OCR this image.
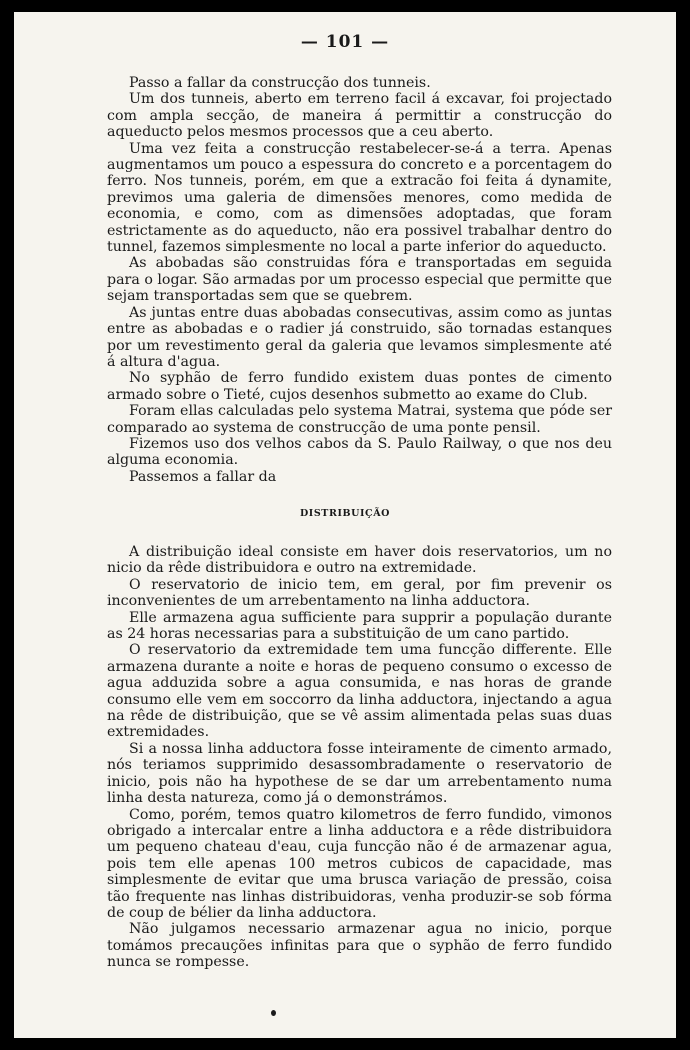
— 101 —

Passo a fallar da construcção dos tunneis.

Um dos tunneis, aberto em terreno facil á excavar, foi projectado com ampla secção, de maneira á permittir a construcção do aqueducto pelos mesmos processos que a ceu aberto.

Uma vez feita a construcção restabelecer-se-á a terra. Apenas augmentamos um pouco a espessura do concreto e a porcentagem do ferro. Nos tunneis, porém, em que a extracão foi feita á dynamite, previmos uma galeria de dimensões menores, como medida de economia, e como, com as dimensões adoptadas, que foram estrictamente as do aqueducto, não era possivel trabalhar dentro do tunnel, fazemos simplesmente no local a parte inferior do aqueducto.

As abobadas são construidas fóra e transportadas em seguida para o logar. São armadas por um processo especial que permitte que sejam transportadas sem que se quebrem.

As juntas entre duas abobadas consecutivas, assim como as juntas entre as abobadas e o radier já construido, são tornadas estanques por um revestimento geral da galeria que levamos simplesmente até á altura d'agua.

No syphão de ferro fundido existem duas pontes de cimento armado sobre o Tieté, cujos desenhos submetto ao exame do Club.

Foram ellas calculadas pelo systema Matrai, systema que póde ser comparado ao systema de construcção de uma ponte pensil.

Fizemos uso dos velhos cabos da S. Paulo Railway, o que nos deu alguma economia.

Passemos a fallar da

DISTRIBUIÇÃO

A distribuição ideal consiste em haver dois reservatorios, um no nicio da rêde distribuidora e outro na extremidade.

O reservatorio de inicio tem, em geral, por fim prevenir os inconvenientes de um arrebentamento na linha adductora.

Elle armazena agua sufficiente para supprir a população durante as 24 horas necessarias para a substituição de um cano partido.

O reservatorio da extremidade tem uma funcção differente. Elle armazena durante a noite e horas de pequeno consumo o excesso de agua adduzida sobre a agua consumida, e nas horas de grande consumo elle vem em soccorro da linha adductora, injectando a agua na rêde de distribuição, que se vê assim alimentada pelas suas duas extremidades.

Si a nossa linha adductora fosse inteiramente de cimento armado, nós teriamos supprimido desassombradamente o reservatorio de inicio, pois não ha hypothese de se dar um arrebentamento numa linha desta natureza, como já o demonstrámos.

Como, porém, temos quatro kilometros de ferro fundido, vimonos obrigado a intercalar entre a linha adductora e a rêde distribuidora um pequeno chateau d'eau, cuja funcção não é de armazenar agua, pois tem elle apenas 100 metros cubicos de capacidade, mas simplesmente de evitar que uma brusca variação de pressão, coisa tão frequente nas linhas distribuidoras, venha produzir-se sob fórma de coup de bélier da linha adductora.

Não julgamos necessario armazenar agua no inicio, porque tomámos precauções infinitas para que o syphão de ferro fundido nunca se rompesse.
